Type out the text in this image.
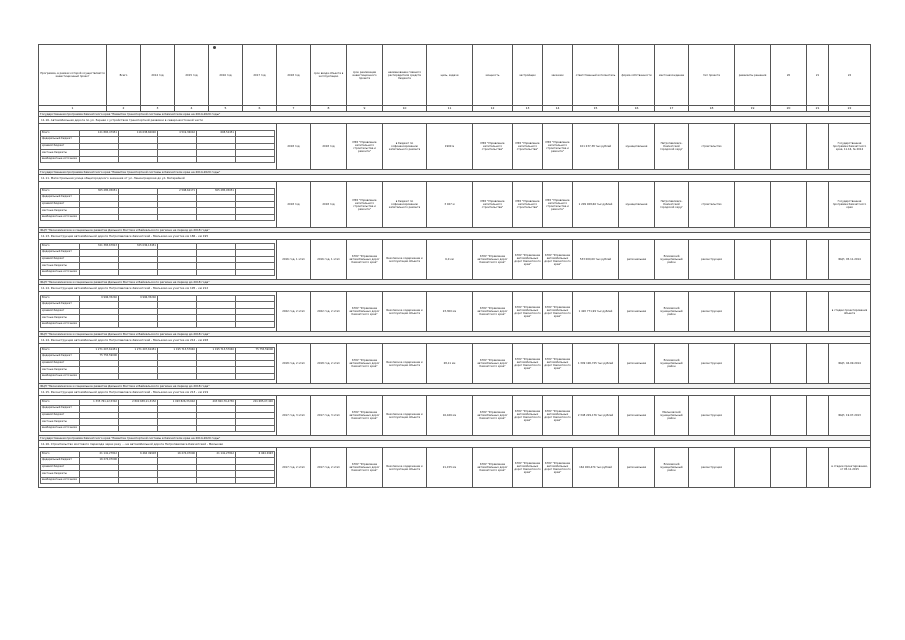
Программа, в рамках которой осуществляется инвестиционный проект	Всего	2014 год	2015 год	2016 год	2017 год	2018 год	срок ввода объекта в эксплуатацию	срок реализации инвестиционного проекта	наименование главного распорядителя средств бюджета	цель, задачи	мощность	застройщик	заказчик	ответственный исполнитель	форма собственности	местонахождение	тип проекта	реквизиты решения	20	21	22
1	2	3	4	5	6	7	8	9	10	11	12	13	14	15	16	17	18	19	20	21	22
Государственная программа Камчатского края "Развитие транспортной системы в Камчатском крае на 2014-2020 годы"
11.16. Автомобильная дорога по ул. Зерная с устройством транспортной развязки в северо-восточной части

Всего	121 865,47951	116 638,60000	4 519,36042	608,52451	
федеральный бюджет					
краевой бюджет					
местные бюджеты					
внебюджетные источники					
	2018 год	2018 год	МКУ "Управление капитального строительства и ремонта"	в бюджет по софинансированию капитального ремонта	1900 м	МКУ "Управление капитального строительства"	МКУ "Управление капитального строительства"	МКУ "Управление капитального строительства и ремонта"	101 237,38 тыс.рублей	муниципальная	Петропавловск-Камчатский городской округ	строительство				Государственная программа Камчатского края, 11.16, № 2014
Государственная программа Камчатского края "Развитие транспортной системы в Камчатском крае на 2014-2020 годы"
11.11. Магистральная улица общегородского значения от ул. Ленинградская до ул. Батарейной

Всего	305 285,05051		2 598,62171	305 285,05051	
федеральный бюджет					
краевой бюджет					
местные бюджеты					
внебюджетные источники					
	2018 год	2018 год	МКУ "Управление капитального строительства и ремонта"	в бюджет по софинансированию капитального ремонта	3 027 м	МКУ "Управление капитального строительства"	МКУ "Управление капитального строительства"	МКУ "Управление капитального строительства и ремонта"	1 209 928,66 тыс.рублей	муниципальная	Петропавловск-Камчатский городской округ	строительство				Государственная программа Камчатского края
ФЦП "Экономическое и социальное развитие Дальнего Востока и Байкальского региона на период до 2018 года"
11.13. Реконструкция автомобильной дороги Петропавловск-Камчатский - Мильково на участке км 186 - км 195

Всего	321 383,67813	325 036,13451			
федеральный бюджет					
краевой бюджет					
местные бюджеты					
внебюджетные источники					
	2016 год, 1 этап	2016 год, 1 этап	КГКУ "Управление автомобильных дорог Камчатского края"	Безопасное содержание и эксплуатация объекта	6,0 км	КГКУ "Управление автомобильных дорог Камчатского края"	КГКУ "Управление автомобильных дорог Камчатского края"	КГКУ "Управление автомобильных дорог Камчатского края"	533 000,00 тыс.рублей	региональная	Елизовский муниципальный район	реконструкция				ФЦП, 05.11.2014
ФЦП "Экономическое и социальное развитие Дальнего Востока и Байкальского региона на период до 2018 года"
11.14. Реконструкция автомобильной дороги Петропавловск-Камчатский - Мильково на участке км 195 - км 212

Всего	9 996,35240	9 996,35240			
федеральный бюджет					
краевой бюджет					
местные бюджеты					
внебюджетные источники					
	2022 год, 2 этап	2022 год, 2 этап	КГКУ "Управление автомобильных дорог Камчатского края"	Безопасное содержание и эксплуатация объекта	23,300 км	КГКУ "Управление автомобильных дорог Камчатского края"	КГКУ "Управление автомобильных дорог Камчатского края"	КГКУ "Управление автомобильных дорог Камчатского края"	1 420 771,99 тыс.рублей	региональная	Елизовский муниципальный район	реконструкция				в стадии проектирования объекта
ФЦП "Экономическое и социальное развитие Дальнего Востока и Байкальского региона на период до 2018 года"
11.14. Реконструкция автомобильной дороги Петропавловск-Камчатский - Мильково на участке км 212 - км 228

Всего	1 271 207,61451	1 271 207,61451	1 195 713,57040	1 195 713,57040	75 755,59000
федеральный бюджет	75 755,59000				
краевой бюджет					
местные бюджеты					
внебюджетные источники					
	2018 год, 2 этап	2018 год, 2 этап	КГКУ "Управление автомобильных дорог Камчатского края"	Безопасное содержание и эксплуатация объекта	28,11 км	КГКУ "Управление автомобильных дорог Камчатского края"	КГКУ "Управление автомобильных дорог Камчатского края"	КГКУ "Управление автомобильных дорог Камчатского края"	1 309 190,725 тыс.рублей	региональная	Елизовский муниципальный район	реконструкция				ФЦП, 04.09.2014
ФЦП "Экономическое и социальное развитие Дальнего Востока и Байкальского региона на период до 2018 года"
11.15. Реконструкция автомобильной дороги Петропавловск-Камчатский - Мильково на участке км 213 - км 219

Всего	1 335 761,12,5342	2 800 638,11,3152	1 093 826,33,642	493 820,76,4730	201 685,07,400
федеральный бюджет					
краевой бюджет					
местные бюджеты					
внебюджетные источники					
	2017 год, 3 этап	2017 год, 3 этап	КГКУ "Управление автомобильных дорог Камчатского края"	Безопасное содержание и эксплуатация объекта	16,426 км	КГКУ "Управление автомобильных дорог Камчатского края"	КГКУ "Управление автомобильных дорог Камчатского края"	КГКУ "Управление автомобильных дорог Камчатского края"	2 348 229,176 тыс.рублей	региональная	Мильковский муниципальный район	реконструкция				ФЦП, 19.07.2013
Государственная программа Камчатского края "Развитие транспортной системы в Камчатском крае на 2014-2020 годы"
11.16. Строительство мостового перехода через реку ... на автомобильной дороге Петропавловск-Камчатский - Мильково

Всего	21 141,27812	6 464 49993	16 274,07000	21 141,27812	6 464 4993
федеральный бюджет	16 274,07000				
краевой бюджет					
местные бюджеты					
внебюджетные источники					
	2017 год, 2 этап	2017 год, 2 этап	КГКУ "Управление автомобильных дорог Камчатского края"	Безопасное содержание и эксплуатация объекта	21,155 км	КГКУ "Управление автомобильных дорог Камчатского края"	КГКУ "Управление автомобильных дорог Камчатского края"	КГКУ "Управление автомобильных дорог Камчатского края"	164 929,474 тыс.рублей	региональная	Елизовский муниципальный район	реконструкция				в стадии проектирования, от 05.11.2015
